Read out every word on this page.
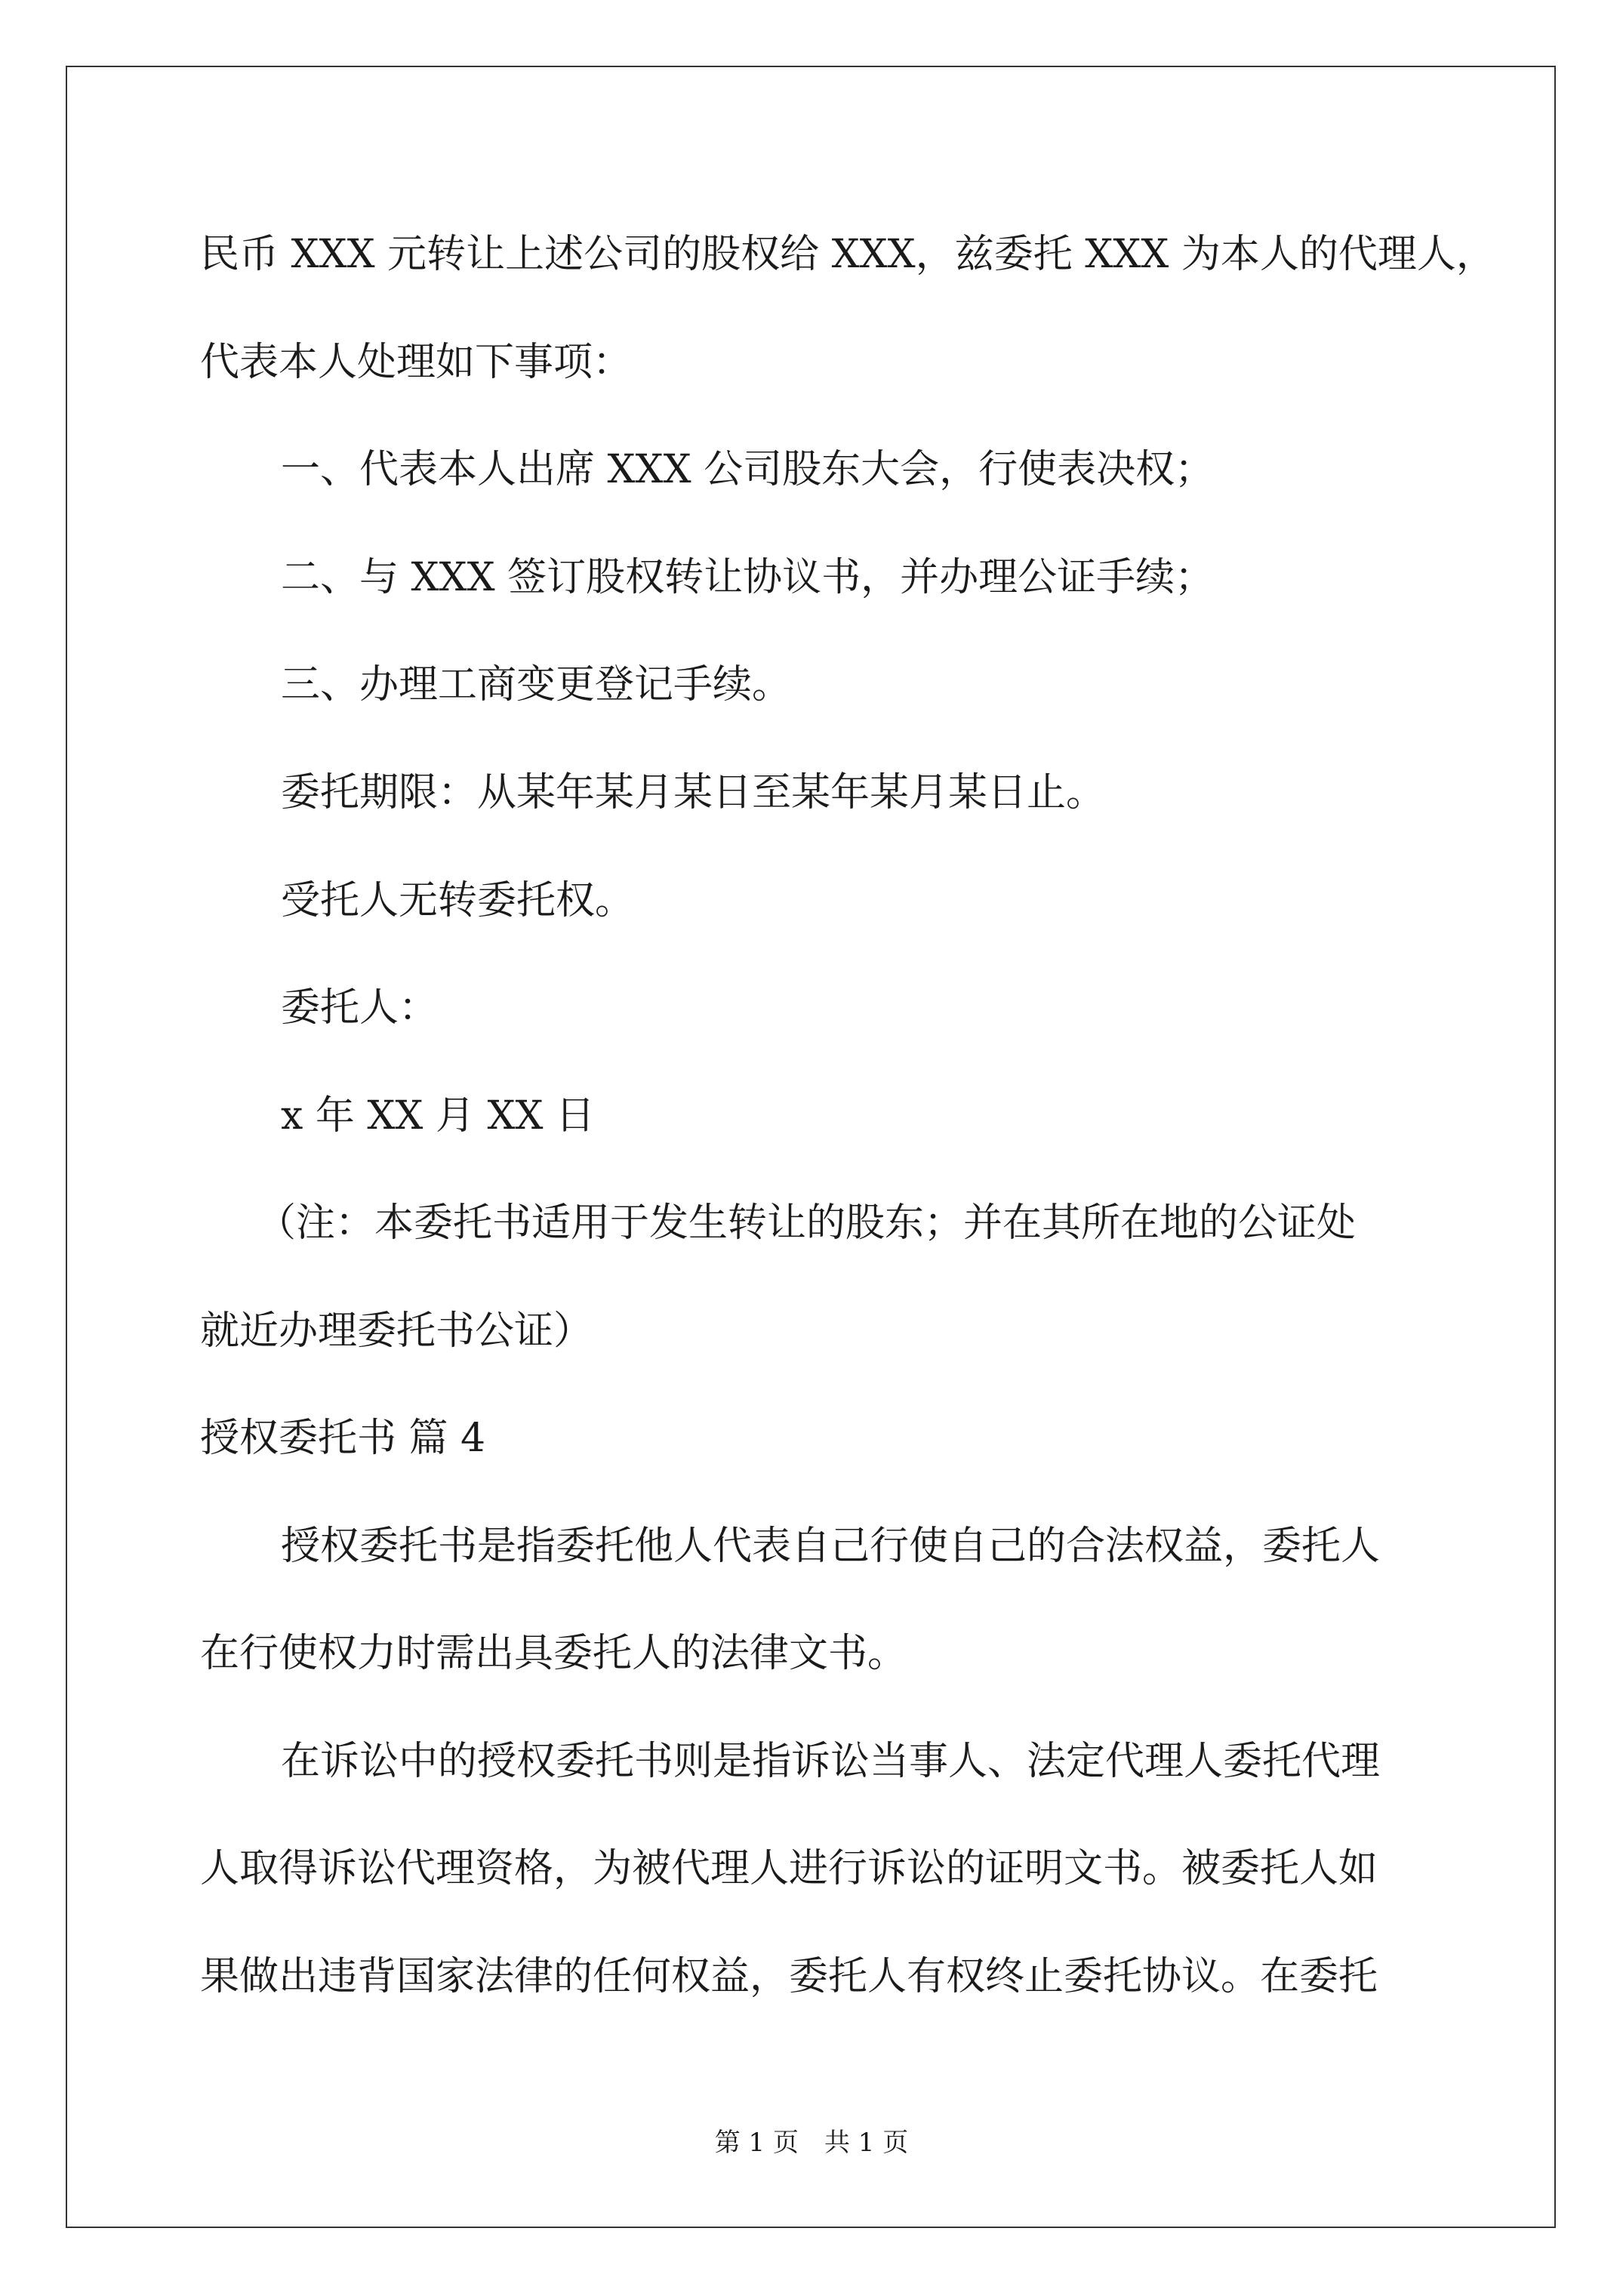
民币 XXX 元转让上述公司的股权给 XXX，兹委托 XXX 为本人的代理人，
代表本人处理如下事项：
一、代表本人出席 XXX 公司股东大会，行使表决权；
二、与 XXX 签订股权转让协议书，并办理公证手续；
三、办理工商变更登记手续。
委托期限：从某年某月某日至某年某月某日止。
受托人无转委托权。
委托人：
x 年 XX 月 XX 日
（注：本委托书适用于发生转让的股东；并在其所在地的公证处
就近办理委托书公证）
授权委托书 篇 4
授权委托书是指委托他人代表自己行使自己的合法权益，委托人
在行使权力时需出具委托人的法律文书。
在诉讼中的授权委托书则是指诉讼当事人、法定代理人委托代理
人取得诉讼代理资格，为被代理人进行诉讼的证明文书。被委托人如
果做出违背国家法律的任何权益，委托人有权终止委托协议。在委托
第 1 页　共 1 页
